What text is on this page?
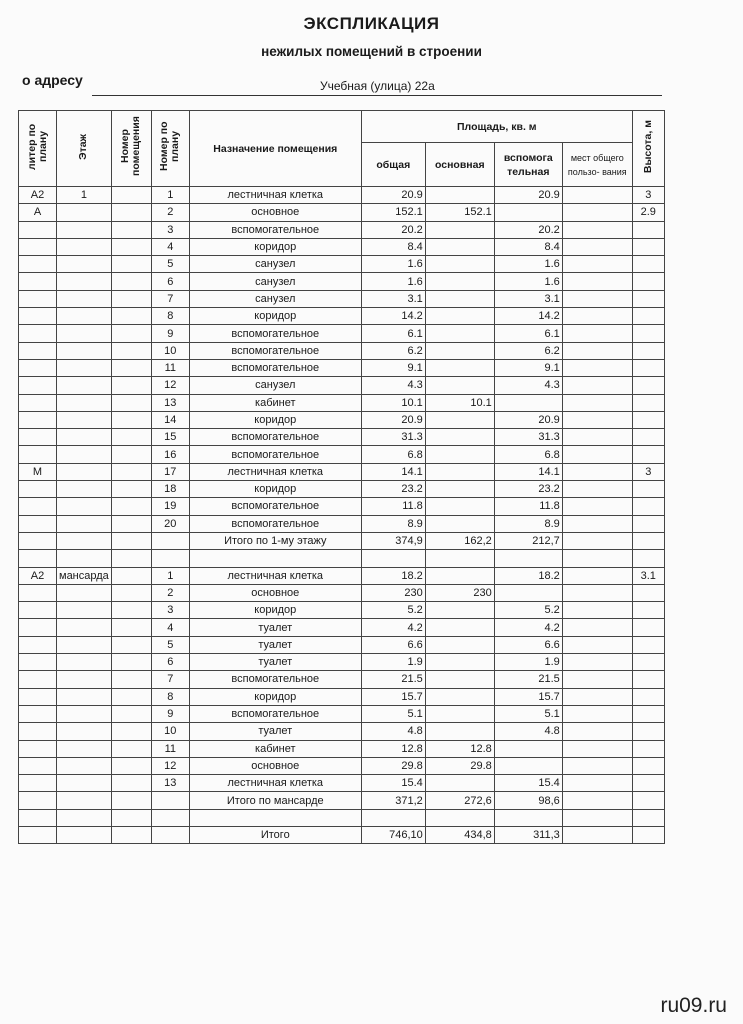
ЭКСПЛИКАЦИЯ
нежилых помещений в строении
о адресу	Учебная (улица) 22а
литер по плану	Этаж	Номер помещения	Номер по плану	Назначение помещения	Площадь, кв. м				Высота, м
					общая	основная	вспомога тельная	мест общего пользо- вания	
А2	1		1	лестничная клетка	20.9		20.9		3
А			2	основное	152.1	152.1			2.9
			3	вспомогательное	20.2		20.2		
			4	коридор	8.4		8.4		
			5	санузел	1.6		1.6		
			6	санузел	1.6		1.6		
			7	санузел	3.1		3.1		
			8	коридор	14.2		14.2		
			9	вспомогательное	6.1		6.1		
			10	вспомогательное	6.2		6.2		
			11	вспомогательное	9.1		9.1		
			12	санузел	4.3		4.3		
			13	кабинет	10.1	10.1			
			14	коридор	20.9		20.9		
			15	вспомогательное	31.3		31.3		
			16	вспомогательное	6.8		6.8		
М			17	лестничная клетка	14.1		14.1		3
			18	коридор	23.2		23.2		
			19	вспомогательное	11.8		11.8		
			20	вспомогательное	8.9		8.9		
				Итого по 1-му этажу	374,9	162,2	212,7		

А2	мансарда		1	лестничная клетка	18.2		18.2		3.1
			2	основное	230	230			
			3	коридор	5.2		5.2		
			4	туалет	4.2		4.2		
			5	туалет	6.6		6.6		
			6	туалет	1.9		1.9		
			7	вспомогательное	21.5		21.5		
			8	коридор	15.7		15.7		
			9	вспомогательное	5.1		5.1		
			10	туалет	4.8		4.8		
			11	кабинет	12.8	12.8			
			12	основное	29.8	29.8			
			13	лестничная клетка	15.4		15.4		
				Итого по мансарде	371,2	272,6	98,6		

				Итого	746,10	434,8	311,3		
ru09.ru
